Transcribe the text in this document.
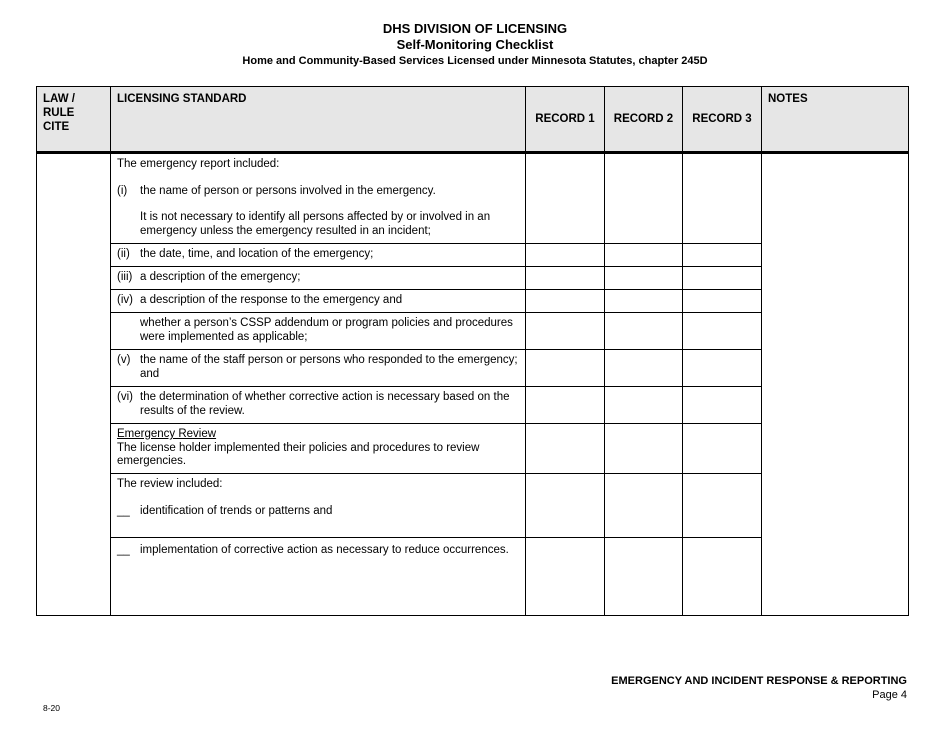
DHS DIVISION OF LICENSING
Self-Monitoring Checklist
Home and Community-Based Services Licensed under Minnesota Statutes, chapter 245D
LAW / RULE CITE	LICENSING STANDARD	RECORD 1	RECORD 2	RECORD 3	NOTES

	The emergency report included:
(i) the name of person or persons involved in the emergency.
It is not necessary to identify all persons affected by or involved in an emergency unless the emergency resulted in an incident;				

	(ii) the date, time, and location of the emergency;				

	(iii) a description of the emergency;				

	(iv) a description of the response to the emergency and				

	whether a person’s CSSP addendum or program policies and procedures were implemented as applicable;				

	(v) the name of the staff person or persons who responded to the emergency; and				

	(vi) the determination of whether corrective action is necessary based on the results of the review.				

	Emergency Review
The license holder implemented their policies and procedures to review emergencies.				

	The review included:
__ identification of trends or patterns and				

	__ implementation of corrective action as necessary to reduce occurrences.				

EMERGENCY AND INCIDENT RESPONSE & REPORTING
Page 4
8-20
